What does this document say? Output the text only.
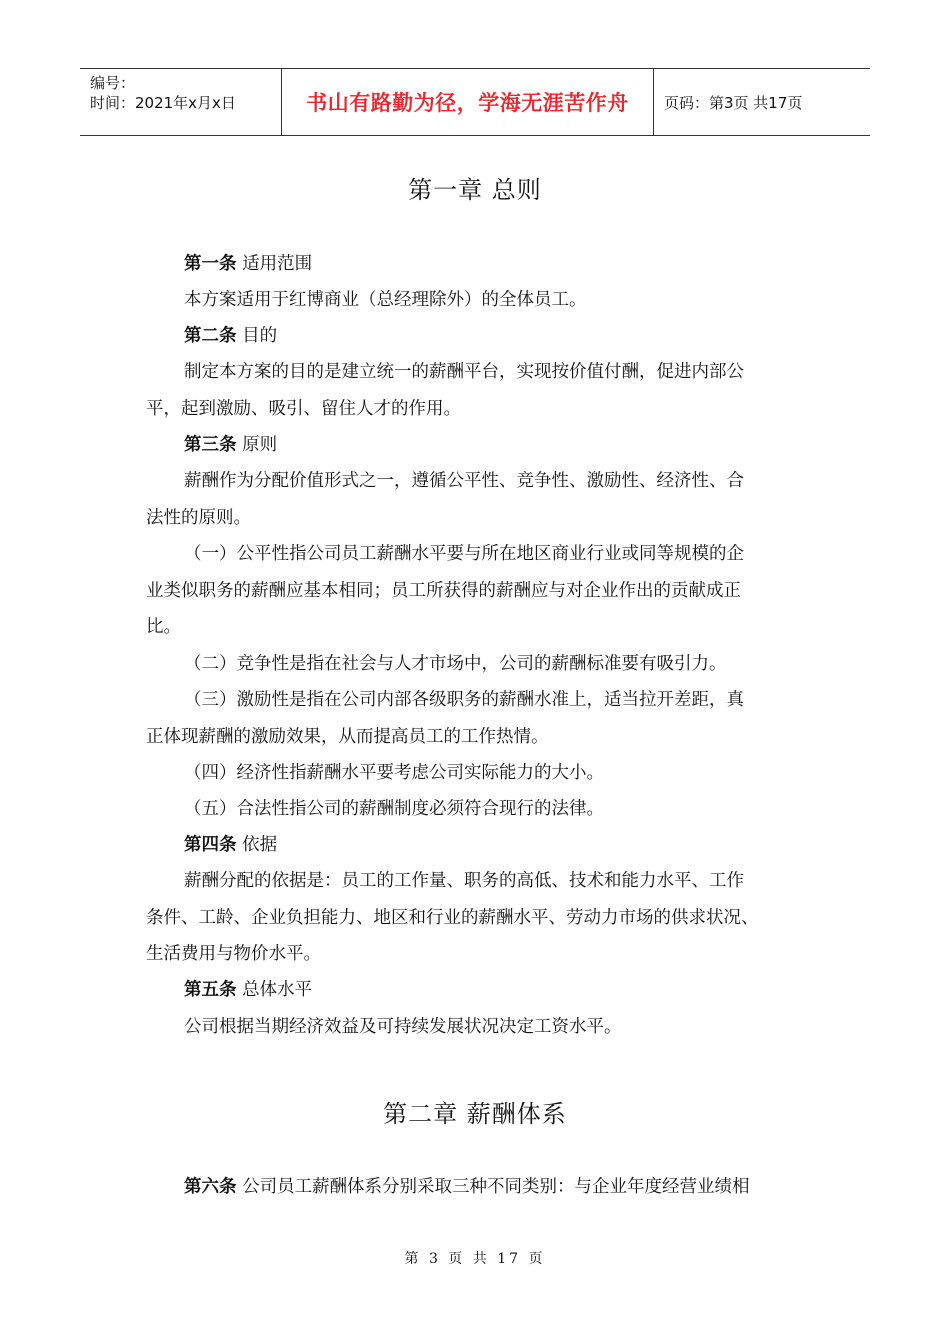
编号：
时间：2021年x月x日	书山有路勤为径，学海无涯苦作舟 页码：第3页 共17页
第一章 总则
第一条 适用范围
本方案适用于红博商业（总经理除外）的全体员工。
第二条 目的
制定本方案的目的是建立统一的薪酬平台，实现按价值付酬，促进内部公
平，起到激励、吸引、留住人才的作用。
第三条 原则
薪酬作为分配价值形式之一，遵循公平性、竞争性、激励性、经济性、合
法性的原则。
（一）公平性指公司员工薪酬水平要与所在地区商业行业或同等规模的企
业类似职务的薪酬应基本相同；员工所获得的薪酬应与对企业作出的贡献成正
比。
（二）竞争性是指在社会与人才市场中，公司的薪酬标准要有吸引力。
（三）激励性是指在公司内部各级职务的薪酬水准上，适当拉开差距，真
正体现薪酬的激励效果，从而提高员工的工作热情。
（四）经济性指薪酬水平要考虑公司实际能力的大小。
（五）合法性指公司的薪酬制度必须符合现行的法律。
第四条 依据
薪酬分配的依据是：员工的工作量、职务的高低、技术和能力水平、工作
条件、工龄、企业负担能力、地区和行业的薪酬水平、劳动力市场的供求状况、
生活费用与物价水平。
第五条 总体水平
公司根据当期经济效益及可持续发展状况决定工资水平。
第二章 薪酬体系
第六条 公司员工薪酬体系分别采取三种不同类别：与企业年度经营业绩相
第 3 页 共 17 页
